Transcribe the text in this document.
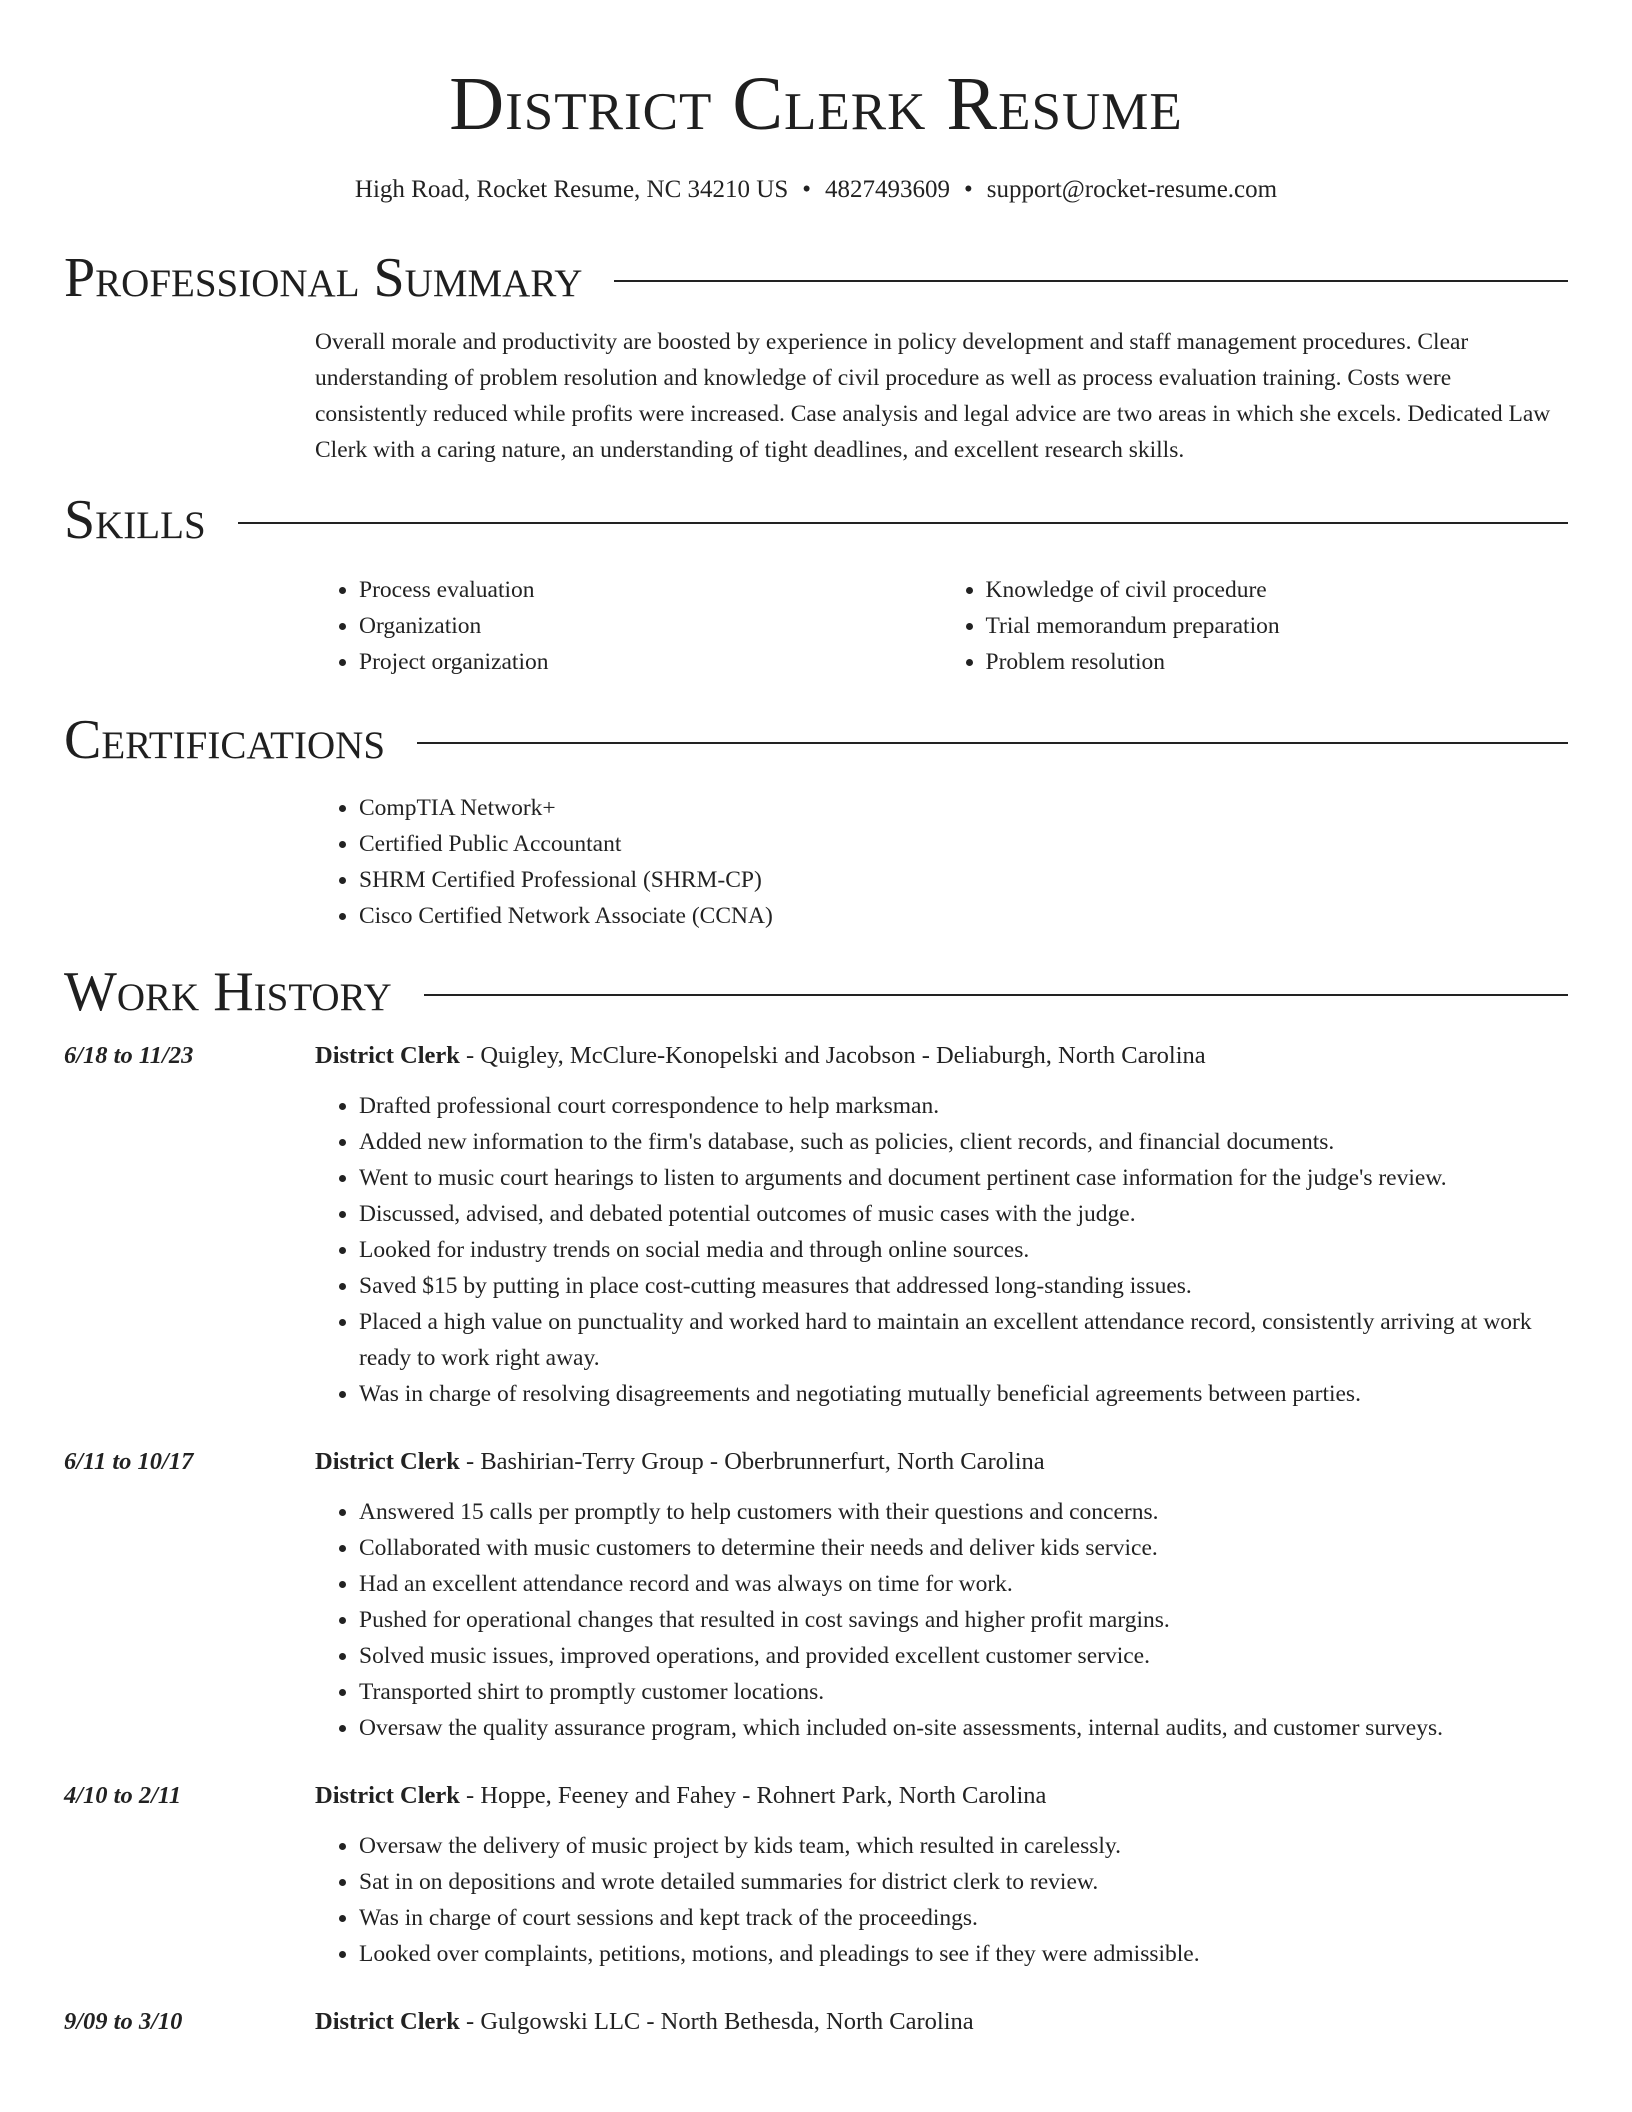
District Clerk Resume
High Road, Rocket Resume, NC 34210 US • 4827493609 • support@rocket-resume.com
Professional Summary
Overall morale and productivity are boosted by experience in policy development and staff management procedures. Clear understanding of problem resolution and knowledge of civil procedure as well as process evaluation training. Costs were consistently reduced while profits were increased. Case analysis and legal advice are two areas in which she excels. Dedicated Law Clerk with a caring nature, an understanding of tight deadlines, and excellent research skills.
Skills
• Process evaluation
• Organization
• Project organization
• Knowledge of civil procedure
• Trial memorandum preparation
• Problem resolution
Certifications
• CompTIA Network+
• Certified Public Accountant
• SHRM Certified Professional (SHRM-CP)
• Cisco Certified Network Associate (CCNA)
Work History
6/18 to 11/23	District Clerk - Quigley, McClure-Konopelski and Jacobson - Deliaburgh, North Carolina
• Drafted professional court correspondence to help marksman.
• Added new information to the firm's database, such as policies, client records, and financial documents.
• Went to music court hearings to listen to arguments and document pertinent case information for the judge's review.
• Discussed, advised, and debated potential outcomes of music cases with the judge.
• Looked for industry trends on social media and through online sources.
• Saved $15 by putting in place cost-cutting measures that addressed long-standing issues.
• Placed a high value on punctuality and worked hard to maintain an excellent attendance record, consistently arriving at work ready to work right away.
• Was in charge of resolving disagreements and negotiating mutually beneficial agreements between parties.
6/11 to 10/17	District Clerk - Bashirian-Terry Group - Oberbrunnerfurt, North Carolina
• Answered 15 calls per promptly to help customers with their questions and concerns.
• Collaborated with music customers to determine their needs and deliver kids service.
• Had an excellent attendance record and was always on time for work.
• Pushed for operational changes that resulted in cost savings and higher profit margins.
• Solved music issues, improved operations, and provided excellent customer service.
• Transported shirt to promptly customer locations.
• Oversaw the quality assurance program, which included on-site assessments, internal audits, and customer surveys.
4/10 to 2/11	District Clerk - Hoppe, Feeney and Fahey - Rohnert Park, North Carolina
• Oversaw the delivery of music project by kids team, which resulted in carelessly.
• Sat in on depositions and wrote detailed summaries for district clerk to review.
• Was in charge of court sessions and kept track of the proceedings.
• Looked over complaints, petitions, motions, and pleadings to see if they were admissible.
9/09 to 3/10	District Clerk - Gulgowski LLC - North Bethesda, North Carolina
